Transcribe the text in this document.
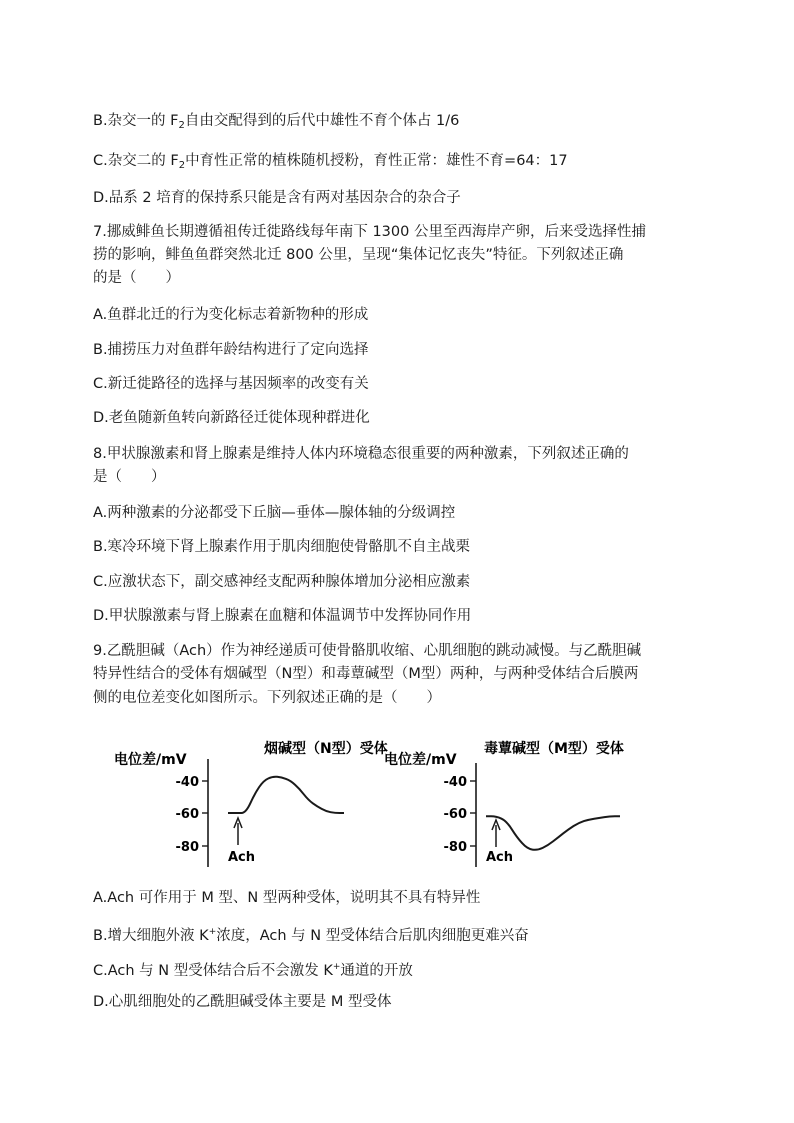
B.杂交一的 $F_2$自由交配得到的后代中雄性不育个体占 1/6
C.杂交二的 $F_2$中育性正常的植株随机授粉，育性正常：雄性不育=64：17
D.品系 2 培育的保持系只能是含有两对基因杂合的杂合子
7.挪威鲱鱼长期遵循祖传迁徙路线每年南下 1300 公里至西海岸产卵，后来受选择性捕
捞的影响，鲱鱼鱼群突然北迁 800 公里，呈现“集体记忆丧失”特征。下列叙述正确
的是（　　）
A.鱼群北迁的行为变化标志着新物种的形成
B.捕捞压力对鱼群年龄结构进行了定向选择
C.新迁徙路径的选择与基因频率的改变有关
D.老鱼随新鱼转向新路径迁徙体现种群进化
8.甲状腺激素和肾上腺素是维持人体内环境稳态很重要的两种激素，下列叙述正确的
是（　　）
A.两种激素的分泌都受下丘脑—垂体—腺体轴的分级调控
B.寒冷环境下肾上腺素作用于肌肉细胞使骨骼肌不自主战栗
C.应激状态下，副交感神经支配两种腺体增加分泌相应激素
D.甲状腺激素与肾上腺素在血糖和体温调节中发挥协同作用
9.乙酰胆碱（Ach）作为神经递质可使骨骼肌收缩、心肌细胞的跳动减慢。与乙酰胆碱
特异性结合的受体有烟碱型（N型）和毒蕈碱型（M型）两种，与两种受体结合后膜两
侧的电位差变化如图所示。下列叙述正确的是（　　）
电位差/mV
烟碱型（N型）受体
-40
-60
-80
Ach
电位差/mV
毒蕈碱型（M型）受体
-40
-60
-80
Ach
A.Ach 可作用于 M 型、N 型两种受体，说明其不具有特异性
B.增大细胞外液 K+浓度，Ach 与 N 型受体结合后肌肉细胞更难兴奋
C.Ach 与 N 型受体结合后不会激发 K+通道的开放
D.心肌细胞处的乙酰胆碱受体主要是 M 型受体
